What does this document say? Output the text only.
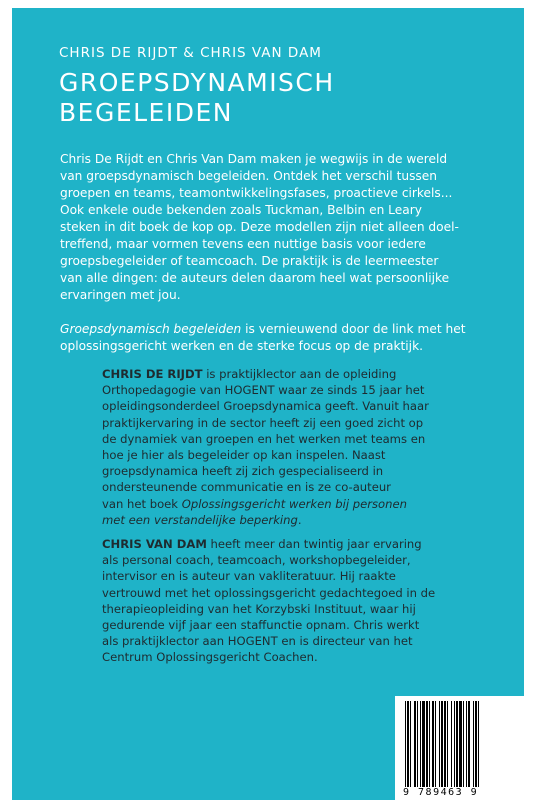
CHRIS DE RIJDT & CHRIS VAN DAM
GROEPSDYNAMISCH
BEGELEIDEN

Chris De Rijdt en Chris Van Dam maken je wegwijs in de wereld
van groepsdynamisch begeleiden. Ontdek het verschil tussen
groepen en teams, teamontwikkelingsfases, proactieve cirkels...
Ook enkele oude bekenden zoals Tuckman, Belbin en Leary
steken in dit boek de kop op. Deze modellen zijn niet alleen doel-
treffend, maar vormen tevens een nuttige basis voor iedere
groepsbegeleider of teamcoach. De praktijk is de leermeester
van alle dingen: de auteurs delen daarom heel wat persoonlijke
ervaringen met jou.

Groepsdynamisch begeleiden is vernieuwend door de link met het
oplossingsgericht werken en de sterke focus op de praktijk.

CHRIS DE RIJDT is praktijklector aan de opleiding
Orthopedagogie van HOGENT waar ze sinds 15 jaar het
opleidingsonderdeel Groepsdynamica geeft. Vanuit haar
praktijkervaring in de sector heeft zij een goed zicht op
de dynamiek van groepen en het werken met teams en
hoe je hier als begeleider op kan inspelen. Naast
groepsdynamica heeft zij zich gespecialiseerd in
ondersteunende communicatie en is ze co-auteur
van het boek Oplossingsgericht werken bij personen
met een verstandelijke beperking.

CHRIS VAN DAM heeft meer dan twintig jaar ervaring
als personal coach, teamcoach, workshopbegeleider,
intervisor en is auteur van vakliteratuur. Hij raakte
vertrouwd met het oplossingsgericht gedachtegoed in de
therapieopleiding van het Korzybski Instituut, waar hij
gedurende vijf jaar een staffunctie opnam. Chris werkt
als praktijklector aan HOGENT en is directeur van het
Centrum Oplossingsgericht Coachen.

9 789463 9
